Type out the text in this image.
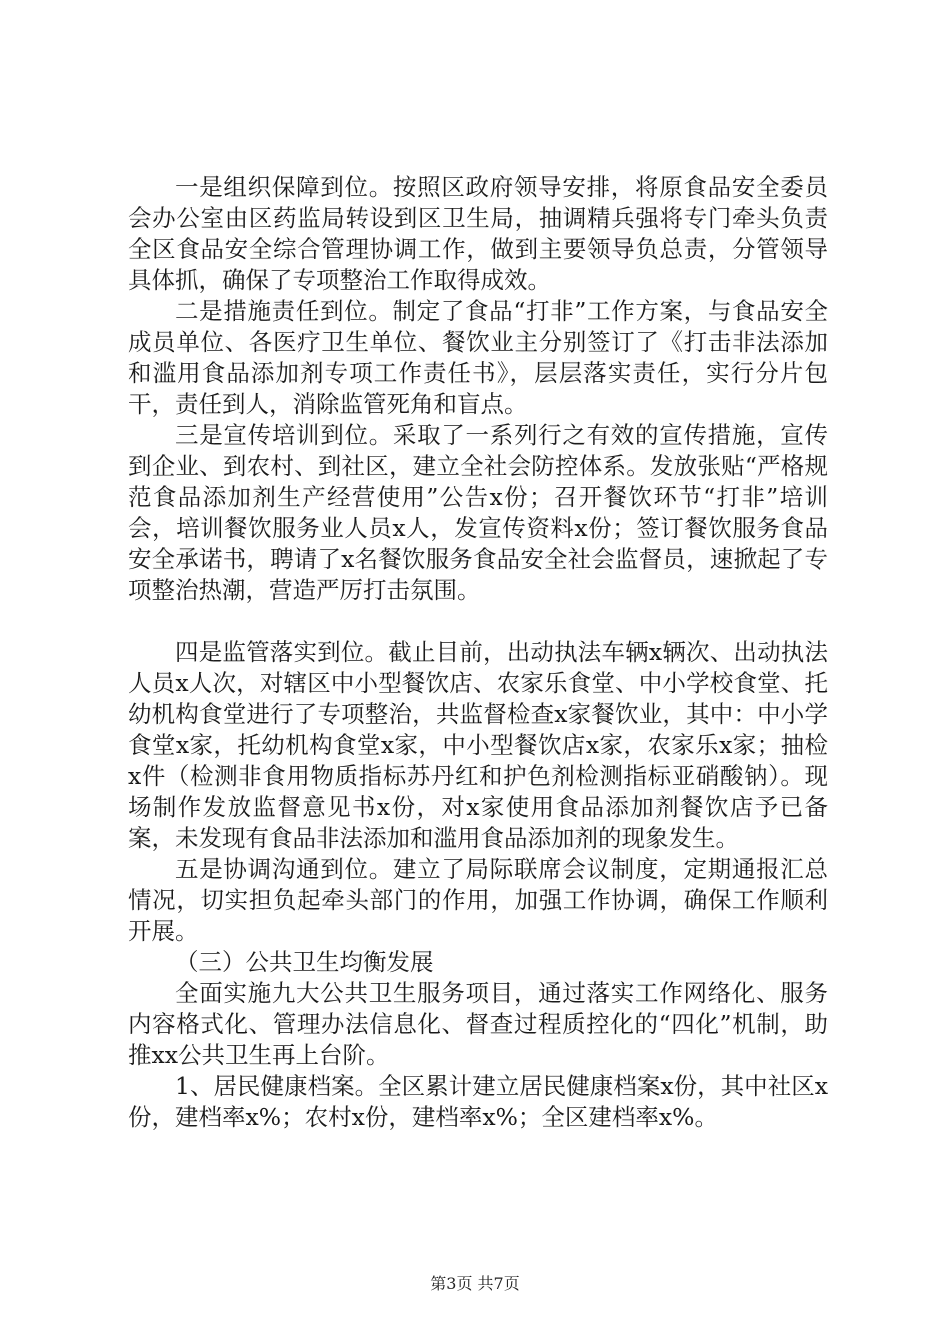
一是组织保障到位。按照区政府领导安排，将原食品安全委员会办公室由区药监局转设到区卫生局，抽调精兵强将专门牵头负责全区食品安全综合管理协调工作，做到主要领导负总责，分管领导具体抓，确保了专项整治工作取得成效。

二是措施责任到位。制定了食品“打非”工作方案，与食品安全成员单位、各医疗卫生单位、餐饮业主分别签订了《打击非法添加和滥用食品添加剂专项工作责任书》，层层落实责任，实行分片包干，责任到人，消除监管死角和盲点。

三是宣传培训到位。采取了一系列行之有效的宣传措施，宣传到企业、到农村、到社区，建立全社会防控体系。发放张贴“严格规范食品添加剂生产经营使用”公告x份；召开餐饮环节“打非”培训会，培训餐饮服务业人员x人，发宣传资料x份；签订餐饮服务食品安全承诺书，聘请了x名餐饮服务食品安全社会监督员，速掀起了专项整治热潮，营造严厉打击氛围。

四是监管落实到位。截止目前，出动执法车辆x辆次、出动执法人员x人次，对辖区中小型餐饮店、农家乐食堂、中小学校食堂、托幼机构食堂进行了专项整治，共监督检查x家餐饮业，其中：中小学食堂x家，托幼机构食堂x家，中小型餐饮店x家，农家乐x家；抽检x件（检测非食用物质指标苏丹红和护色剂检测指标亚硝酸钠）。现场制作发放监督意见书x份，对x家使用食品添加剂餐饮店予已备案，未发现有食品非法添加和滥用食品添加剂的现象发生。

五是协调沟通到位。建立了局际联席会议制度，定期通报汇总情况，切实担负起牵头部门的作用，加强工作协调，确保工作顺利开展。

（三）公共卫生均衡发展

全面实施九大公共卫生服务项目，通过落实工作网络化、服务内容格式化、管理办法信息化、督查过程质控化的“四化”机制，助推xx公共卫生再上台阶。

1、居民健康档案。全区累计建立居民健康档案x份，其中社区x份，建档率x%；农村x份，建档率x%；全区建档率x%。

第3页 共7页
